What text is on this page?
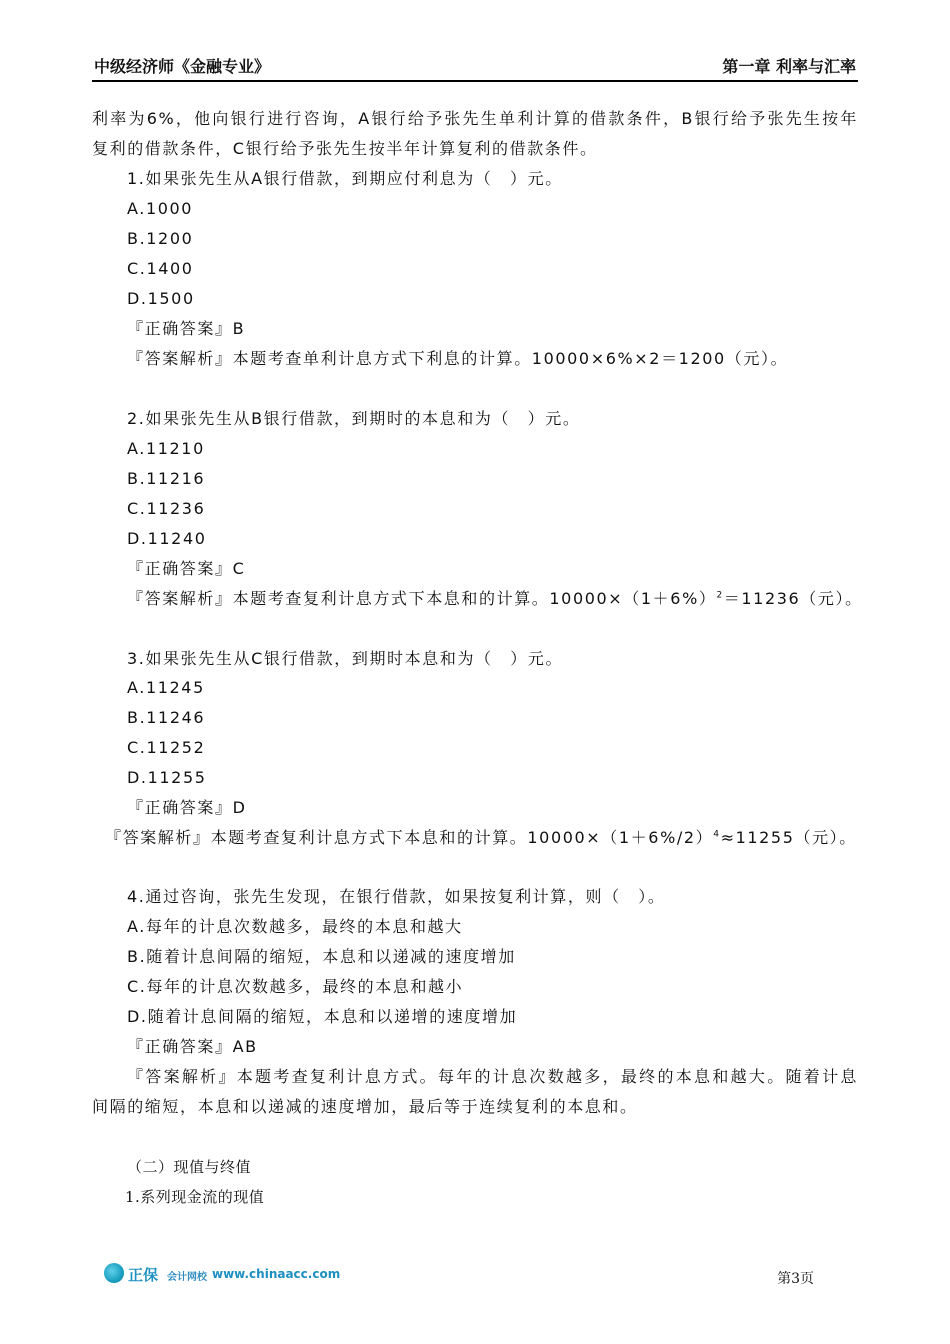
中级经济师《金融专业》	第一章 利率与汇率
利率为6%，他向银行进行咨询，A银行给予张先生单利计算的借款条件，B银行给予张先生按年
复利的借款条件，C银行给予张先生按半年计算复利的借款条件。
1.如果张先生从A银行借款，到期应付利息为（　）元。
A.1000
B.1200
C.1400
D.1500
『正确答案』B
『答案解析』本题考查单利计息方式下利息的计算。10000×6%×2＝1200（元）。
2.如果张先生从B银行借款，到期时的本息和为（　）元。
A.11210
B.11216
C.11236
D.11240
『正确答案』C
『答案解析』本题考查复利计息方式下本息和的计算。$10000\times(1+6\%)^2=11236$（元）。
3.如果张先生从C银行借款，到期时本息和为（　）元。
A.11245
B.11246
C.11252
D.11255
『正确答案』D
『答案解析』本题考查复利计息方式下本息和的计算。$10000\times(1+6\%/2)^4\approx 11255$（元）。
4.通过咨询，张先生发现，在银行借款，如果按复利计算，则（　）。
A.每年的计息次数越多，最终的本息和越大
B.随着计息间隔的缩短，本息和以递减的速度增加
C.每年的计息次数越多，最终的本息和越小
D.随着计息间隔的缩短，本息和以递增的速度增加
『正确答案』AB
『答案解析』本题考查复利计息方式。每年的计息次数越多，最终的本息和越大。随着计息
间隔的缩短，本息和以递减的速度增加，最后等于连续复利的本息和。
（二）现值与终值
1.系列现金流的现值
正保 会计网校 www.chinaacc.com	第3页
